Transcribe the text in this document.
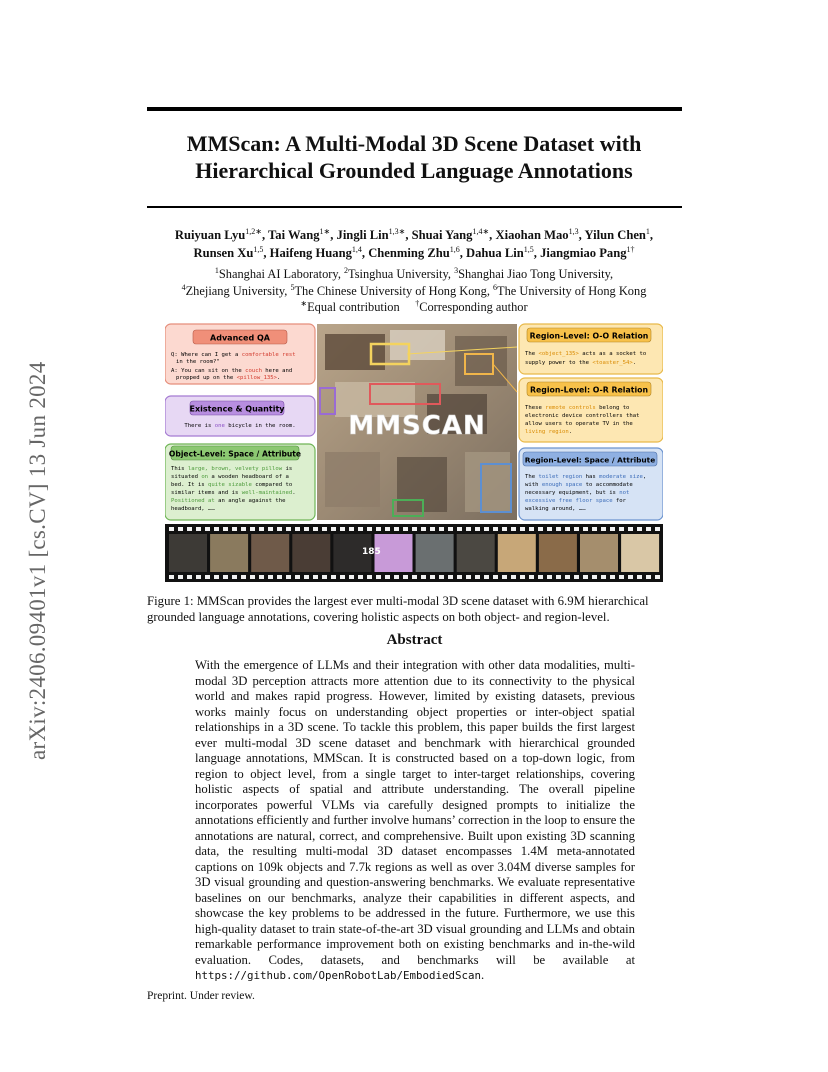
arXiv:2406.09401v1 [cs.CV] 13 Jun 2024
MMScan: A Multi-Modal 3D Scene Dataset with
Hierarchical Grounded Language Annotations
Ruiyuan Lyu$^{1,2∗}$, Tai Wang$^{1∗}$, Jingli Lin$^{1,3∗}$, Shuai Yang$^{1,4∗}$, Xiaohan Mao$^{1,3}$, Yilun Chen$^1$,
Runsen Xu$^{1,5}$, Haifeng Huang$^{1,4}$, Chenming Zhu$^{1,6}$, Dahua Lin$^{1,5}$, Jiangmiao Pang$^{1\dagger}$
$^1$Shanghai AI Laboratory, $^2$Tsinghua University, $^3$Shanghai Jiao Tong University,
$^4$Zhejiang University, $^5$The Chinese University of Hong Kong, $^6$The University of Hong Kong
∗Equal contribution †Corresponding author
MMSCAN
Advanced QA
Q: Where can I get a comfortable rest
in the room?"
A: You can sit on the couch here and
propped up on the <pillow_135>.
Existence & Quantity
There is one bicycle in the room.
Object-Level: Space / Attribute
This large, brown, velvety pillow is
situated on a wooden headboard of a
bed. It is quite sizable compared to
similar items and is well-maintained.
Positioned at an angle against the
headboard, ……
Region-Level: O-O Relation
The <object_135> acts as a socket to
supply power to the <toaster_54>.
Region-Level: O-R Relation
These remote controls belong to
electronic device controllers that
allow users to operate TV in the
living region.
Region-Level: Space / Attribute
The toilet region has moderate size,
with enough space to accommodate
necessary equipment, but is not
excessive free floor space for
walking around, ……
185
Figure 1: MMScan provides the largest ever multi-modal 3D scene dataset with 6.9M hierarchical grounded language annotations, covering holistic aspects on both object- and region-level.
Abstract
With the emergence of LLMs and their integration with other data modalities, multi-modal 3D perception attracts more attention due to its connectivity to the physical world and makes rapid progress. However, limited by existing datasets, previous works mainly focus on understanding object properties or inter-object spatial relationships in a 3D scene. To tackle this problem, this paper builds the first largest ever multi-modal 3D scene dataset and benchmark with hierarchical grounded language annotations, MMScan. It is constructed based on a top-down logic, from region to object level, from a single target to inter-target relationships, covering holistic aspects of spatial and attribute understanding. The overall pipeline incorporates powerful VLMs via carefully designed prompts to initialize the annotations efficiently and further involve humans’ correction in the loop to ensure the annotations are natural, correct, and comprehensive. Built upon existing 3D scanning data, the resulting multi-modal 3D dataset encompasses 1.4M meta-annotated captions on 109k objects and 7.7k regions as well as over 3.04M diverse samples for 3D visual grounding and question-answering benchmarks. We evaluate representative baselines on our benchmarks, analyze their capabilities in different aspects, and showcase the key problems to be addressed in the future. Furthermore, we use this high-quality dataset to train state-of-the-art 3D visual grounding and LLMs and obtain remarkable performance improvement both on existing benchmarks and in-the-wild evaluation. Codes, datasets, and benchmarks will be available at https://github.com/OpenRobotLab/EmbodiedScan.
Preprint. Under review.
